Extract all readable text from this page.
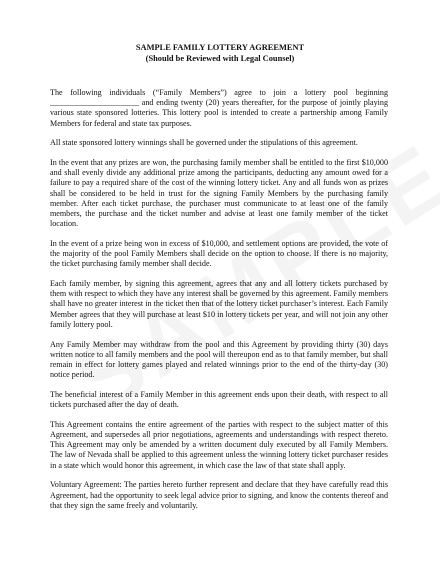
SAMPLE FAMILY LOTTERY AGREEMENT
(Should be Reviewed with Legal Counsel)

The following individuals (“Family Members”) agree to join a lottery pool beginning ______________________ and ending twenty (20) years thereafter, for the purpose of jointly playing various state sponsored lotteries. This lottery pool is intended to create a partnership among Family Members for federal and state tax purposes.

All state sponsored lottery winnings shall be governed under the stipulations of this agreement.

In the event that any prizes are won, the purchasing family member shall be entitled to the first $10,000 and shall evenly divide any additional prize among the participants, deducting any amount owed for a failure to pay a required share of the cost of the winning lottery ticket. Any and all funds won as prizes shall be considered to be held in trust for the signing Family Members by the purchasing family member. After each ticket purchase, the purchaser must communicate to at least one of the family members, the purchase and the ticket number and advise at least one family member of the ticket location.

In the event of a prize being won in excess of $10,000, and settlement options are provided, the vote of the majority of the pool Family Members shall decide on the option to choose. If there is no majority, the ticket purchasing family member shall decide.

Each family member, by signing this agreement, agrees that any and all lottery tickets purchased by them with respect to which they have any interest shall be governed by this agreement. Family members shall have no greater interest in the ticket then that of the lottery ticket purchaser’s interest. Each Family Member agrees that they will purchase at least $10 in lottery tickets per year, and will not join any other family lottery pool.

Any Family Member may withdraw from the pool and this Agreement by providing thirty (30) days written notice to all family members and the pool will thereupon end as to that family member, but shall remain in effect for lottery games played and related winnings prior to the end of the thirty-day (30) notice period.

The beneficial interest of a Family Member in this agreement ends upon their death, with respect to all tickets purchased after the day of death.

This Agreement contains the entire agreement of the parties with respect to the subject matter of this Agreement, and supersedes all prior negotiations, agreements and understandings with respect thereto. This Agreement may only be amended by a written document duly executed by all Family Members. The law of Nevada shall be applied to this agreement unless the winning lottery ticket purchaser resides in a state which would honor this agreement, in which case the law of that state shall apply.

Voluntary Agreement: The parties hereto further represent and declare that they have carefully read this Agreement, had the opportunity to seek legal advice prior to signing, and know the contents thereof and that they sign the same freely and voluntarily.
